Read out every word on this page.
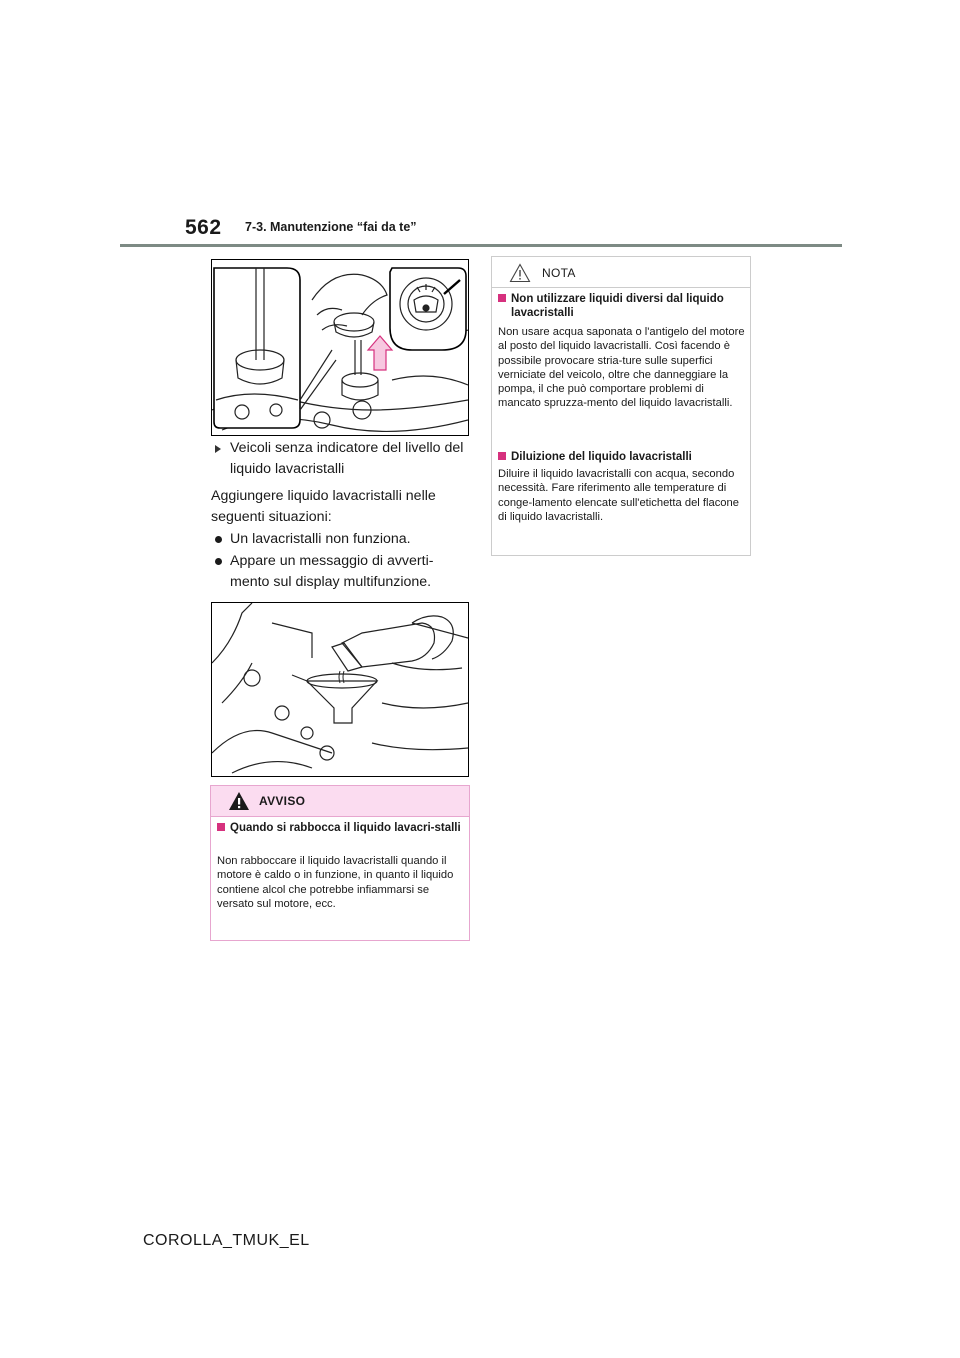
562 7-3. Manutenzione “fai da te”
Veicoli senza indicatore del livello del liquido lavacristalli
Aggiungere liquido lavacristalli nelle seguenti situazioni:
Un lavacristalli non funziona.
Appare un messaggio di avverti-mento sul display multifunzione.
AVVISO
Quando si rabbocca il liquido lavacri-stalli
Non rabboccare il liquido lavacristalli quando il motore è caldo o in funzione, in quanto il liquido contiene alcol che potrebbe infiammarsi se versato sul motore, ecc.
NOTA
Non utilizzare liquidi diversi dal liquido lavacristalli
Non usare acqua saponata o l'antigelo del motore al posto del liquido lavacristalli. Così facendo è possibile provocare stria-ture sulle superfici verniciate del veicolo, oltre che danneggiare la pompa, il che può comportare problemi di mancato spruzza-mento del liquido lavacristalli.
Diluizione del liquido lavacristalli
Diluire il liquido lavacristalli con acqua, secondo necessità. Fare riferimento alle temperature di conge-lamento elencate sull'etichetta del flacone di liquido lavacristalli.
COROLLA_TMUK_EL
